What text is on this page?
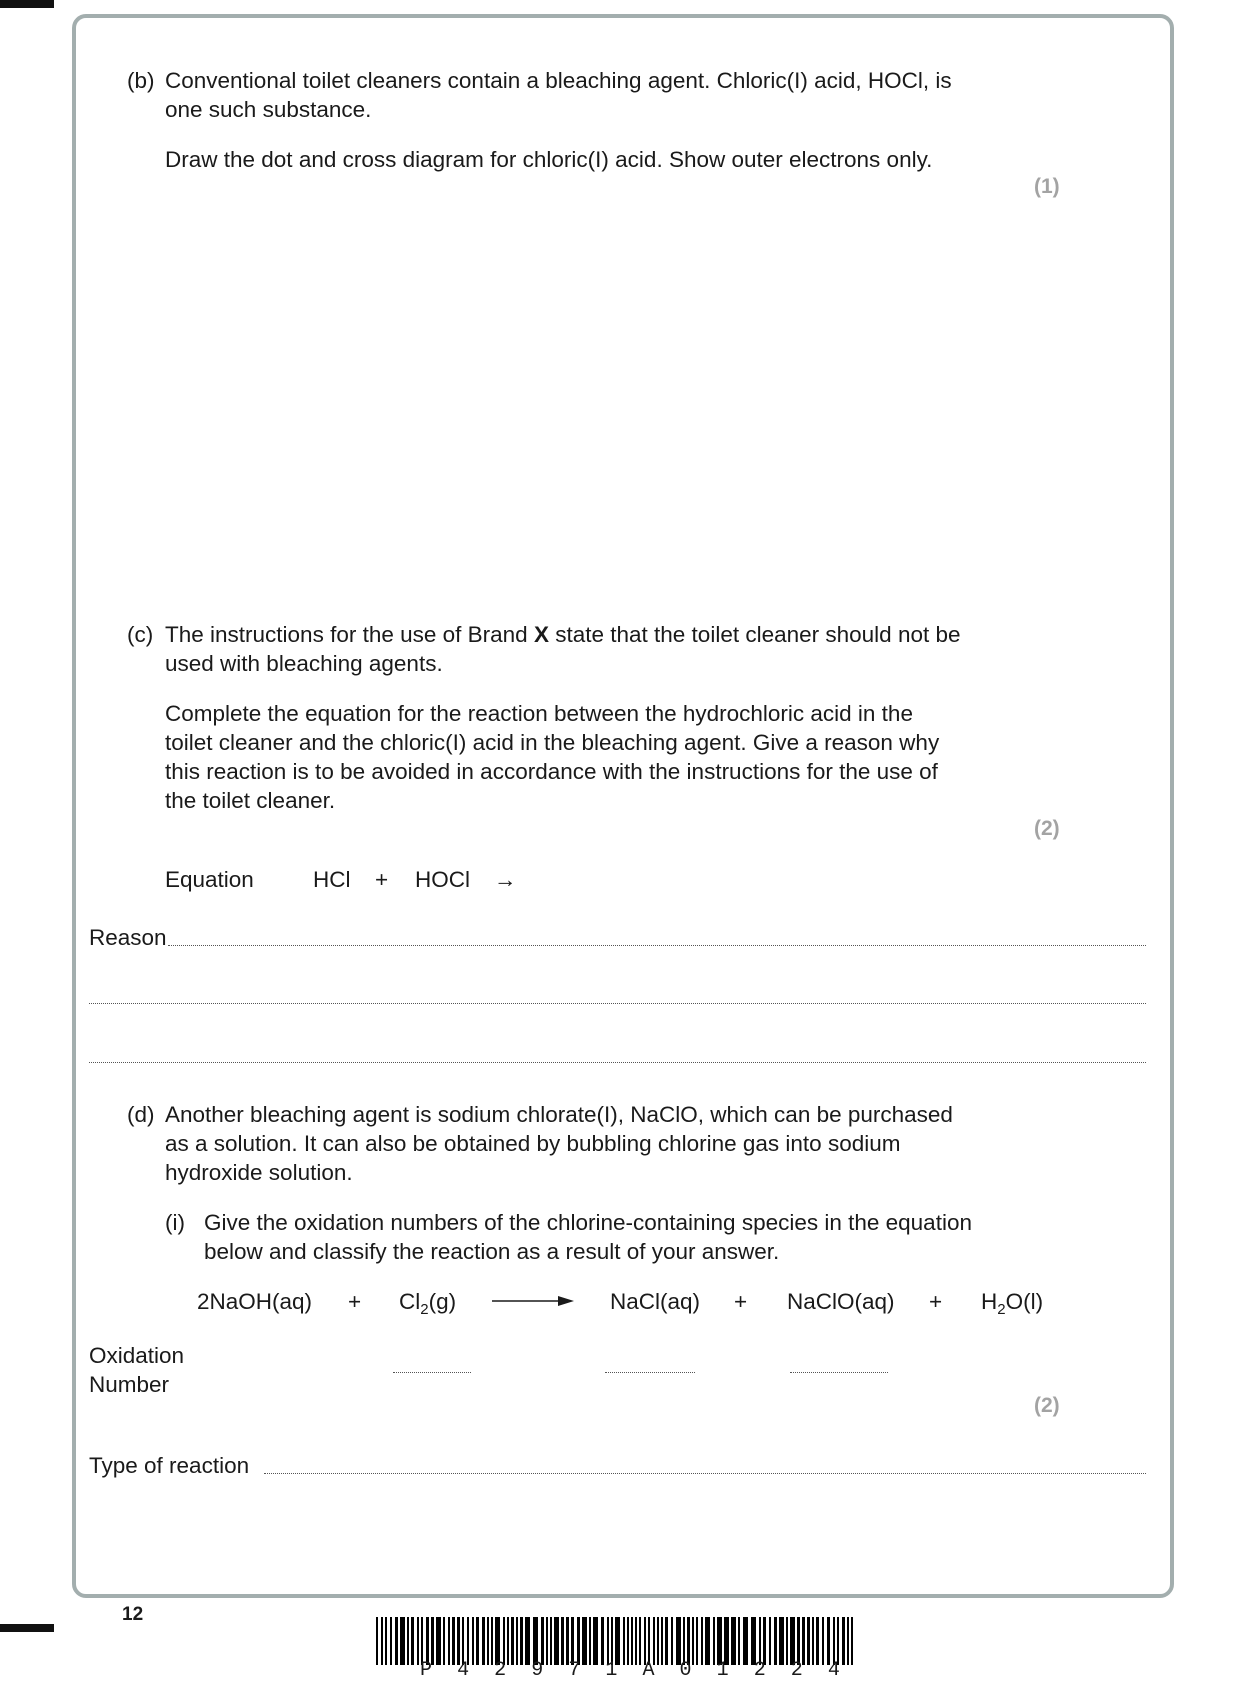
(b) Conventional toilet cleaners contain a bleaching agent. Chloric(I) acid, HOCl, is
one such substance.
Draw the dot and cross diagram for chloric(I) acid. Show outer electrons only.
(1)
(c) The instructions for the use of Brand X state that the toilet cleaner should not be
used with bleaching agents.
Complete the equation for the reaction between the hydrochloric acid in the
toilet cleaner and the chloric(I) acid in the bleaching agent. Give a reason why
this reaction is to be avoided in accordance with the instructions for the use of
the toilet cleaner.
(2)
Equation	HCl + HOCl →
Reason
(d) Another bleaching agent is sodium chlorate(I), NaClO, which can be purchased
as a solution. It can also be obtained by bubbling chlorine gas into sodium
hydroxide solution.
(i) Give the oxidation numbers of the chlorine-containing species in the equation
below and classify the reaction as a result of your answer.
2NaOH(aq) + $Cl_2(g)$	NaCl(aq) + NaClO(aq) + $H_2O(l)$
Oxidation
Number
(2)
Type of reaction
12
P 4 2 9 7 1 A 0 1 2 2 4
